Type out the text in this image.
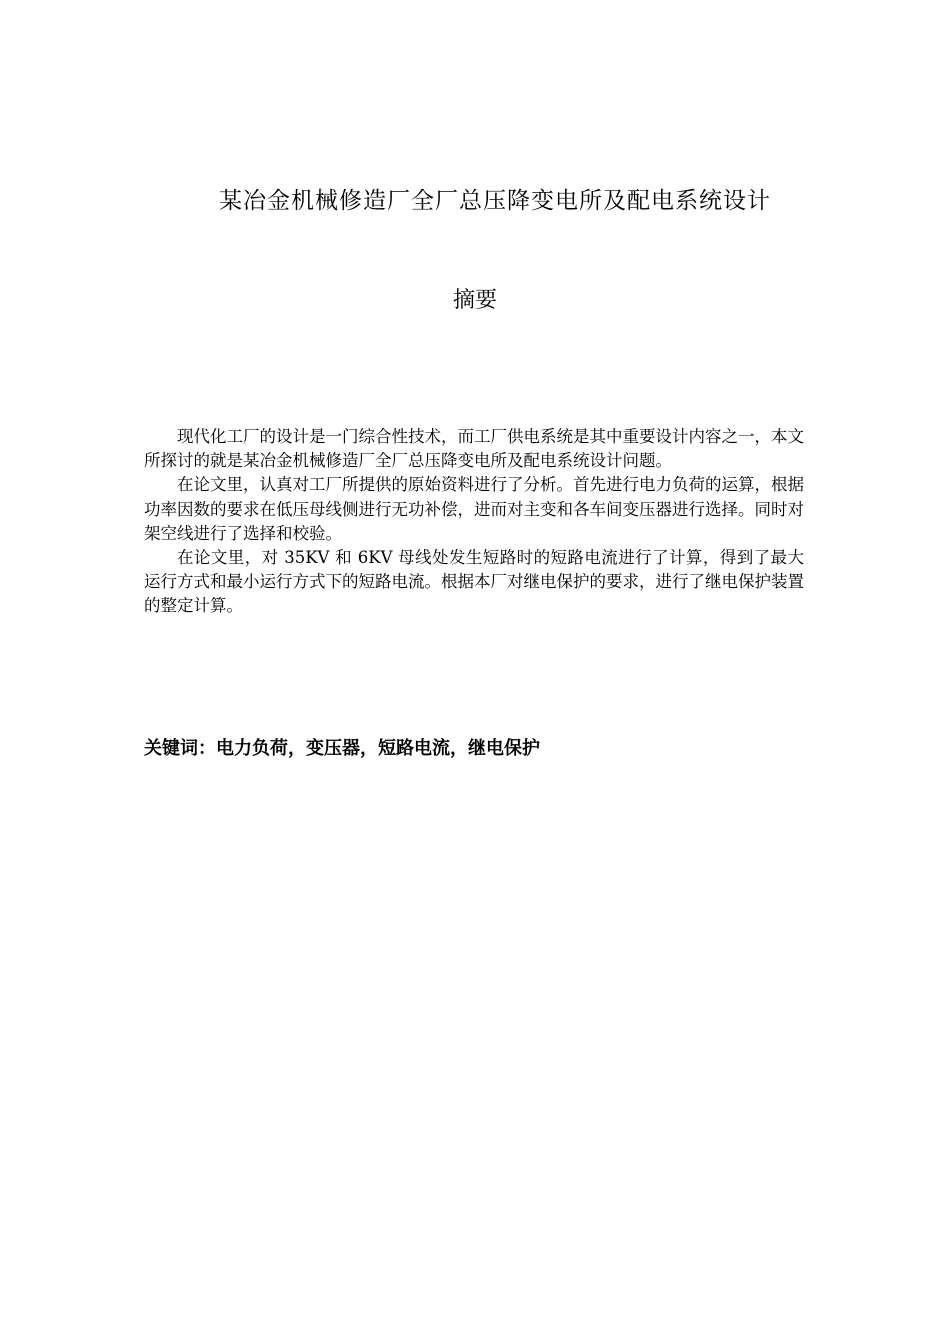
某冶金机械修造厂全厂总压降变电所及配电系统设计
摘要

现代化工厂的设计是一门综合性技术，而工厂供电系统是其中重要设计内容之一，本文所探讨的就是某冶金机械修造厂全厂总压降变电所及配电系统设计问题。

在论文里，认真对工厂所提供的原始资料进行了分析。首先进行电力负荷的运算，根据功率因数的要求在低压母线侧进行无功补偿，进而对主变和各车间变压器进行选择。同时对架空线进行了选择和校验。

在论文里，对 35KV 和 6KV 母线处发生短路时的短路电流进行了计算，得到了最大运行方式和最小运行方式下的短路电流。根据本厂对继电保护的要求，进行了继电保护装置的整定计算。

关键词：电力负荷，变压器，短路电流，继电保护
